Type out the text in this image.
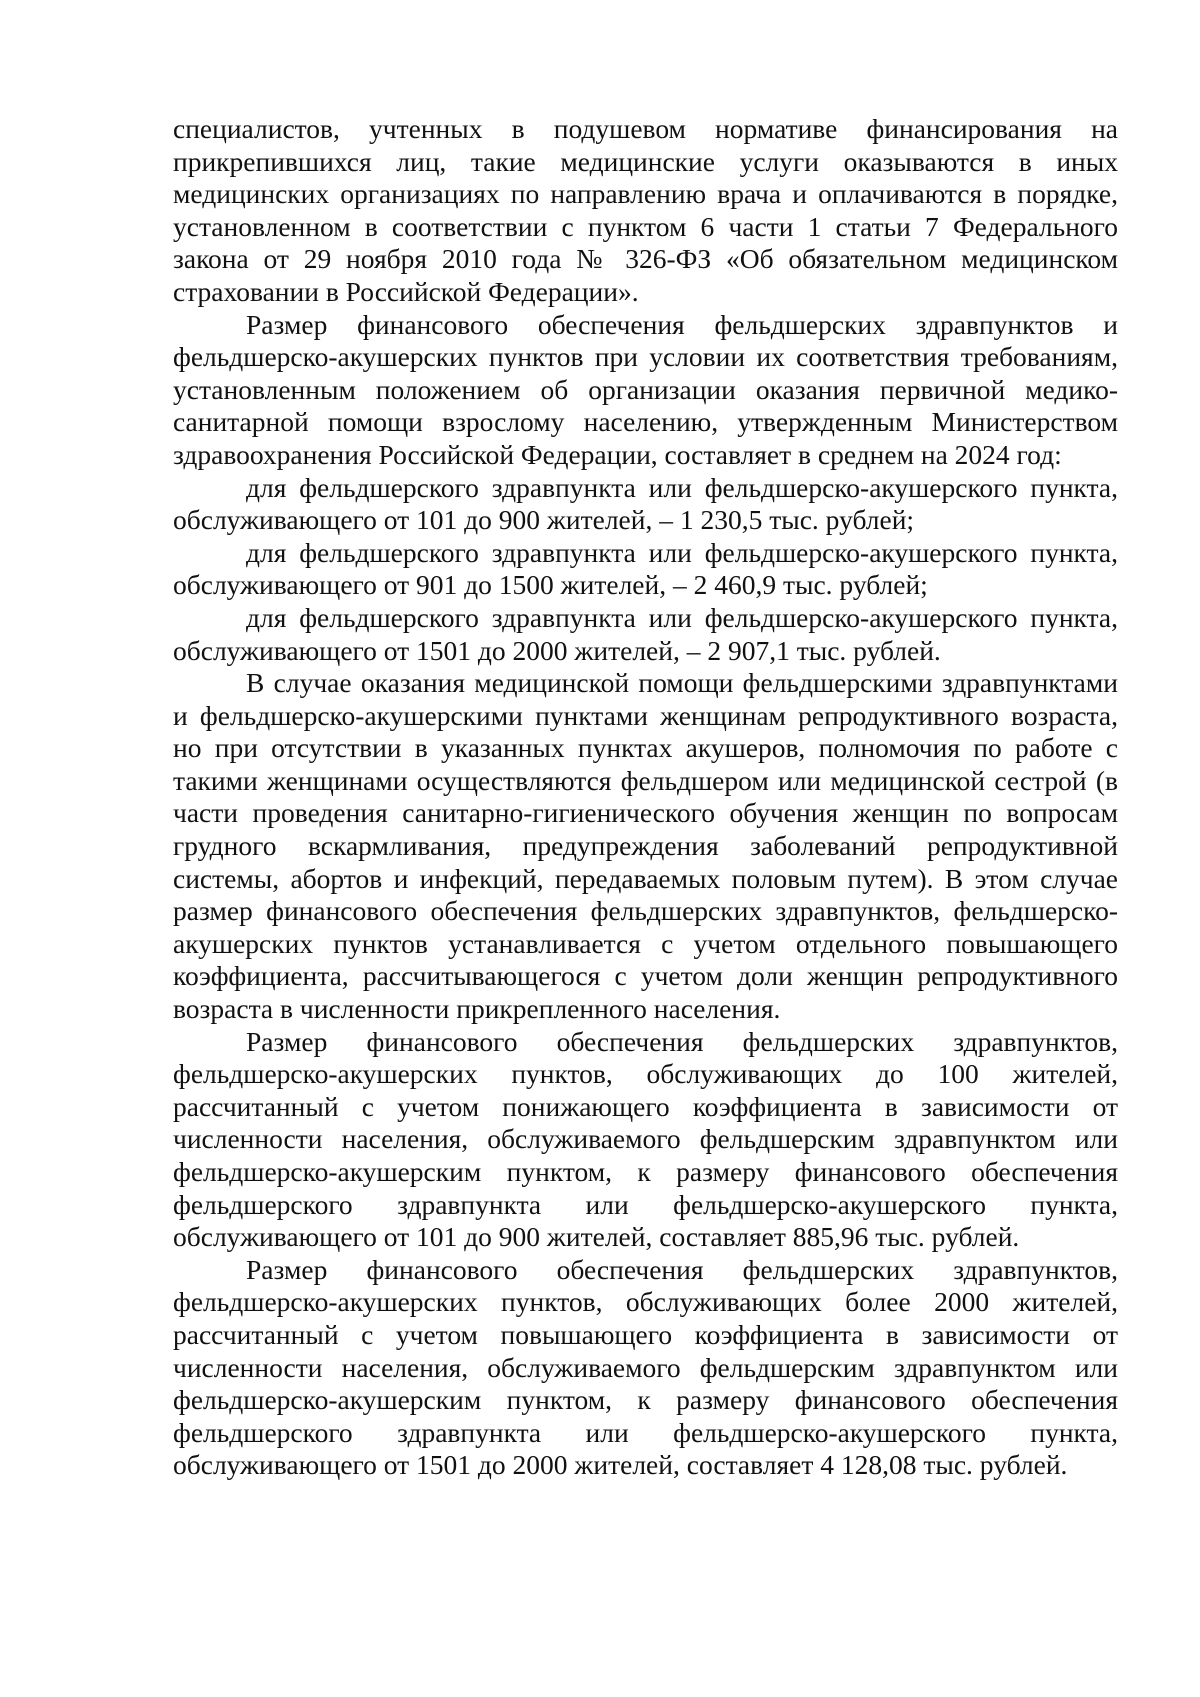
специалистов, учтенных в подушевом нормативе финансирования на прикрепившихся лиц, такие медицинские услуги оказываются в иных медицинских организациях по направлению врача и оплачиваются в порядке, установленном в соответствии с пунктом 6 части 1 статьи 7 Федерального закона от 29 ноября 2010 года № 326-ФЗ «Об обязательном медицинском страховании в Российской Федерации».

Размер финансового обеспечения фельдшерских здравпунктов и фельдшерско-акушерских пунктов при условии их соответствия требованиям, установленным положением об организации оказания первичной медико-санитарной помощи взрослому населению, утвержденным Министерством здравоохранения Российской Федерации, составляет в среднем на 2024 год:

для фельдшерского здравпункта или фельдшерско-акушерского пункта, обслуживающего от 101 до 900 жителей, – 1 230,5 тыс. рублей;

для фельдшерского здравпункта или фельдшерско-акушерского пункта, обслуживающего от 901 до 1500 жителей, – 2 460,9 тыс. рублей;

для фельдшерского здравпункта или фельдшерско-акушерского пункта, обслуживающего от 1501 до 2000 жителей, – 2 907,1 тыс. рублей.

В случае оказания медицинской помощи фельдшерскими здравпунктами и фельдшерско-акушерскими пунктами женщинам репродуктивного возраста, но при отсутствии в указанных пунктах акушеров, полномочия по работе с такими женщинами осуществляются фельдшером или медицинской сестрой (в части проведения санитарно-гигиенического обучения женщин по вопросам грудного вскармливания, предупреждения заболеваний репродуктивной системы, абортов и инфекций, передаваемых половым путем). В этом случае размер финансового обеспечения фельдшерских здравпунктов, фельдшерско-акушерских пунктов устанавливается с учетом отдельного повышающего коэффициента, рассчитывающегося с учетом доли женщин репродуктивного возраста в численности прикрепленного населения.

Размер финансового обеспечения фельдшерских здравпунктов, фельдшерско-акушерских пунктов, обслуживающих до 100 жителей, рассчитанный с учетом понижающего коэффициента в зависимости от численности населения, обслуживаемого фельдшерским здравпунктом или фельдшерско-акушерским пунктом, к размеру финансового обеспечения фельдшерского здравпункта или фельдшерско-акушерского пункта, обслуживающего от 101 до 900 жителей, составляет 885,96 тыс. рублей.

Размер финансового обеспечения фельдшерских здравпунктов, фельдшерско-акушерских пунктов, обслуживающих более 2000 жителей, рассчитанный с учетом повышающего коэффициента в зависимости от численности населения, обслуживаемого фельдшерским здравпунктом или фельдшерско-акушерским пунктом, к размеру финансового обеспечения фельдшерского здравпункта или фельдшерско-акушерского пункта, обслуживающего от 1501 до 2000 жителей, составляет 4 128,08 тыс. рублей.
